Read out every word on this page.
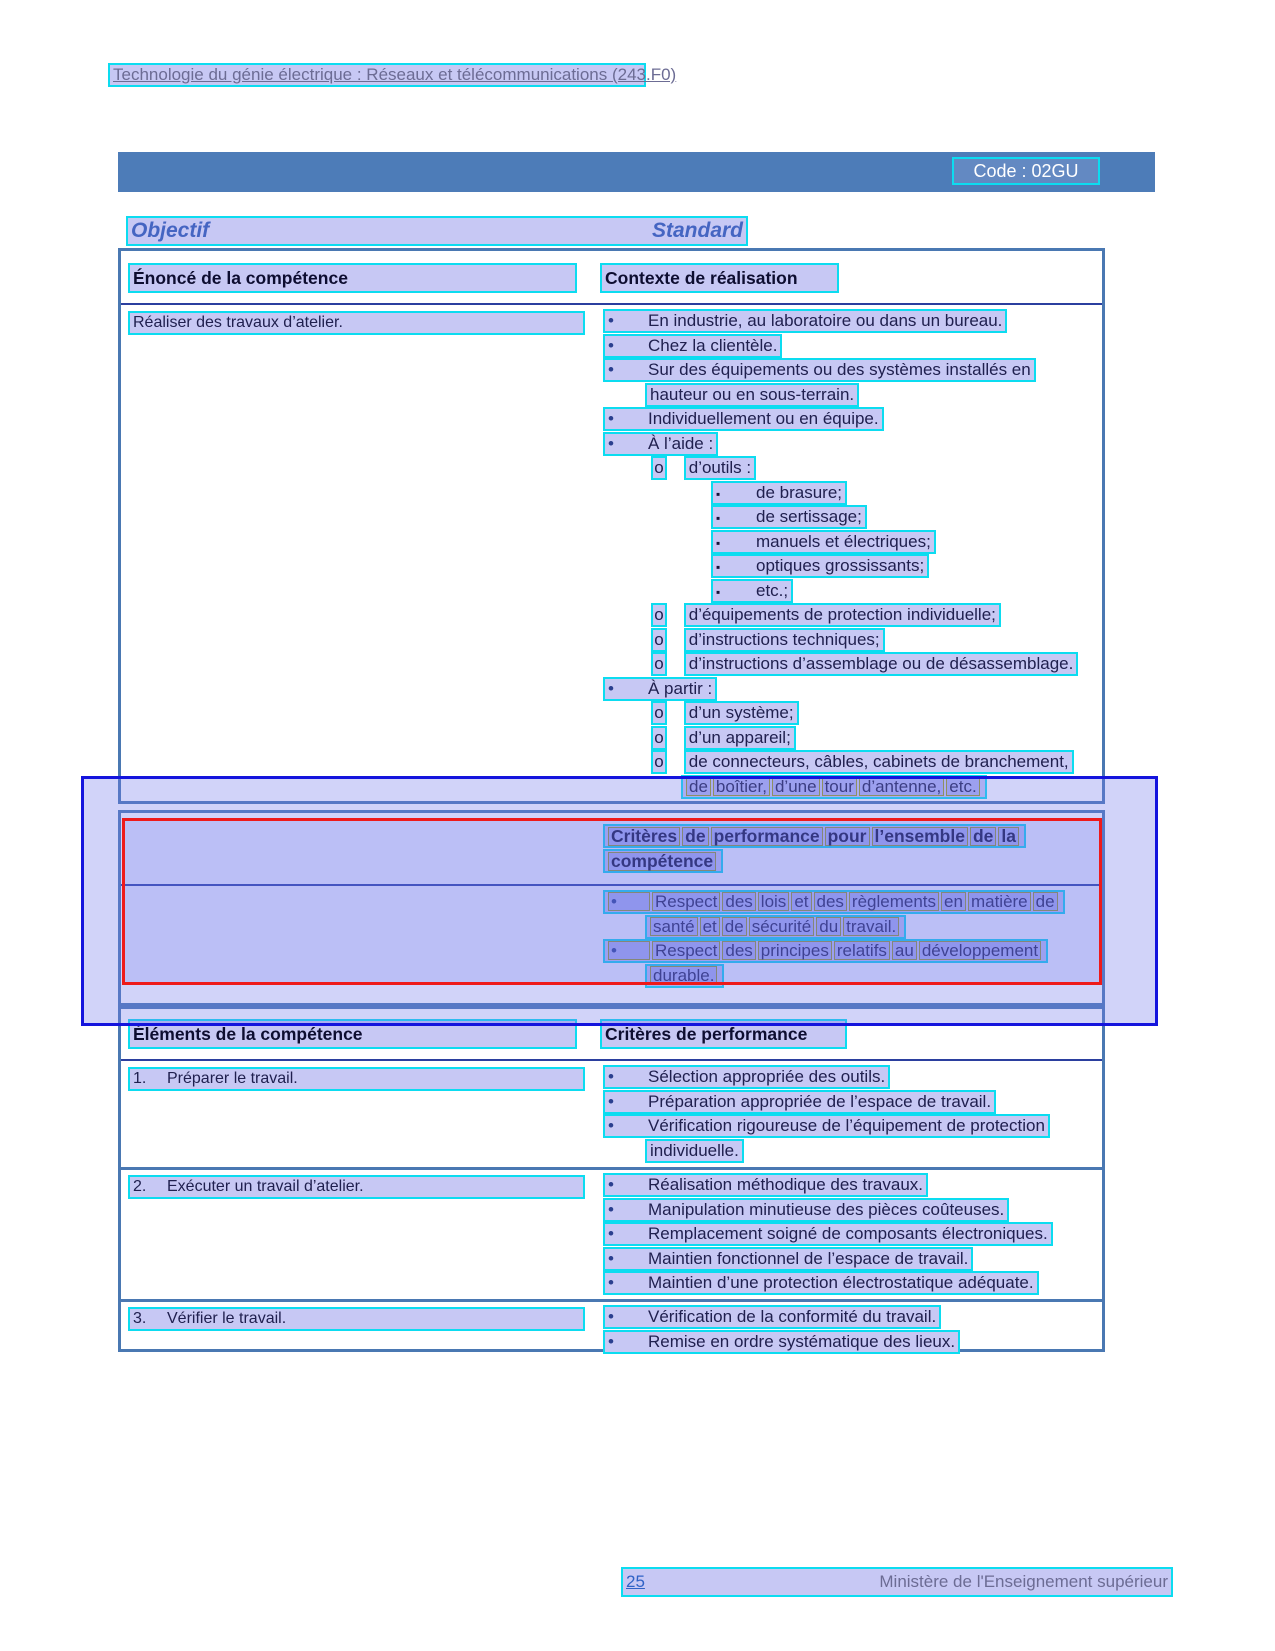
Technologie du génie électrique : Réseaux et télécommunications (243.F0)
Code : 02GU
Objectif	Standard
Énoncé de la compétence	Contexte de réalisation
Réaliser des travaux d’atelier.	• En industrie, au laboratoire ou dans un bureau.
• Chez la clientèle.
• Sur des équipements ou des systèmes installés en
hauteur ou en sous-terrain.
• Individuellement ou en équipe.
• À l’aide :
o d’outils :
▪ de brasure;
▪ de sertissage;
▪ manuels et électriques;
▪ optiques grossissants;
▪ etc.;
o d’équipements de protection individuelle;
o d’instructions techniques;
o d’instructions d’assemblage ou de désassemblage.
• À partir :
o d’un système;
o d’un appareil;
o de connecteurs, câbles, cabinets de branchement,
de boîtier, d’une tour d’antenne, etc.
Critères de performance pour l’ensemble de la
compétence
• Respect des lois et des règlements en matière de
santé et de sécurité du travail.
• Respect des principes relatifs au développement
durable.
Éléments de la compétence	Critères de performance
1. Préparer le travail.	• Sélection appropriée des outils.
• Préparation appropriée de l’espace de travail.
• Vérification rigoureuse de l’équipement de protection
individuelle.
2. Exécuter un travail d’atelier.	• Réalisation méthodique des travaux.
• Manipulation minutieuse des pièces coûteuses.
• Remplacement soigné de composants électroniques.
• Maintien fonctionnel de l’espace de travail.
• Maintien d’une protection électrostatique adéquate.
3. Vérifier le travail.	• Vérification de la conformité du travail.
• Remise en ordre systématique des lieux.
25	Ministère de l'Enseignement supérieur
